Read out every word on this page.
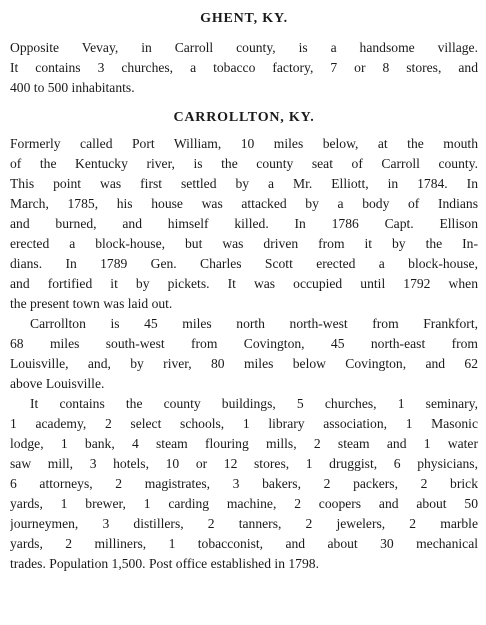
GHENT, KY.
Opposite Vevay, in Carroll county, is a handsome village.
It contains 3 churches, a tobacco factory, 7 or 8 stores, and
400 to 500 inhabitants.
CARROLLTON, KY.
Formerly called Port William, 10 miles below, at the mouth
of the Kentucky river, is the county seat of Carroll county.
This point was first settled by a Mr. Elliott, in 1784. In
March, 1785, his house was attacked by a body of Indians
and burned, and himself killed. In 1786 Capt. Ellison
erected a block-house, but was driven from it by the In-
dians. In 1789 Gen. Charles Scott erected a block-house,
and fortified it by pickets. It was occupied until 1792 when
the present town was laid out.
Carrollton is 45 miles north north-west from Frankfort,
68 miles south-west from Covington, 45 north-east from
Louisville, and, by river, 80 miles below Covington, and 62
above Louisville.
It contains the county buildings, 5 churches, 1 seminary,
1 academy, 2 select schools, 1 library association, 1 Masonic
lodge, 1 bank, 4 steam flouring mills, 2 steam and 1 water
saw mill, 3 hotels, 10 or 12 stores, 1 druggist, 6 physicians,
6 attorneys, 2 magistrates, 3 bakers, 2 packers, 2 brick
yards, 1 brewer, 1 carding machine, 2 coopers and about 50
journeymen, 3 distillers, 2 tanners, 2 jewelers, 2 marble
yards, 2 milliners, 1 tobacconist, and about 30 mechanical
trades. Population 1,500. Post office established in 1798.
